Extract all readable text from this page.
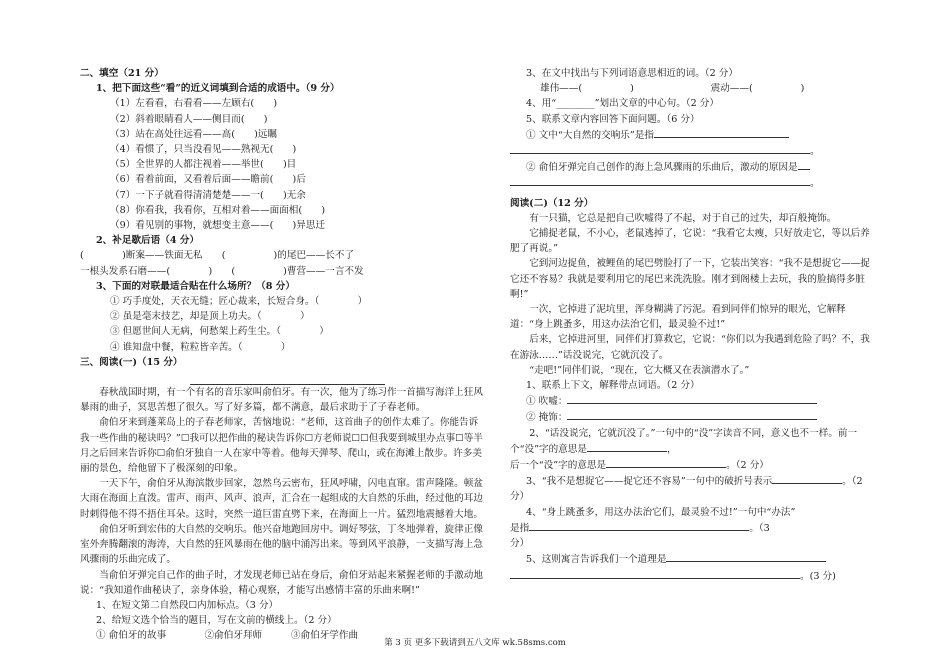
二、填空（21 分）
1、把下面这些“看”的近义词填到合适的成语中。（9 分）
（1）左看看，右看看——左顾右(　　)
（2）斜着眼睛看人——侧目而(　　)
（3）站在高处往远看——高(　　)远瞩
（4）看惯了，只当没看见——熟视无(　　)
（5）全世界的人都注视着——举世(　　)目
（6）看着前面，又看着后面——瞻前(　　)后
（7）一下子就看得清清楚楚——一(　　)无余
（8）你看我，我看你，互相对着——面面相(　　)
（9）看见别的事物，就想变主意——(　　)异思迁
2、补足歇后语（4 分）
(　　　　)断案——铁面无私　　(　　　　　)的尾巴——长不了
一根头发系石磨——(　　　　)　　(　　　　　)曹营——一言不发
3、下面的对联最适合贴在什么场所？（8 分）
① 巧手度处，天衣无缝；匠心裁来，长短合身。（　　　　）
② 虽是毫末技艺，却是顶上功夫。（　　　　）
③ 但愿世间人无病，何愁架上药生尘。（　　　　）
④ 谁知盘中餐，粒粒皆辛苦。（　　　　）
三、阅读(一)（15 分）
春秋战国时期，有一个有名的音乐家叫俞伯牙。有一次，他为了练习作一首描写海洋上狂风暴雨的曲子，冥思苦想了很久。写了好多篇，都不满意，最后求助于了子春老师。
俞伯牙来到蓬莱岛上的子春老师家，苦恼地说：“老师，这首曲子的创作太难了。你能告诉我一些作曲的秘诀吗？”☐我可以把作曲的秘诀告诉你☐方老师说☐☐但我要到城里办点事☐等半月之后回来告诉你☐俞伯牙独自一人在家中等着。他每天弹琴、爬山，或在海滩上散步。许多美丽的景色，给他留下了极深刻的印象。
一天下午，俞伯牙从海滨散步回家，忽然乌云密布，狂风呼啸，闪电直窜。雷声隆隆。顿盆大雨在海面上直泼。雷声、雨声、风声、浪声，汇合在一起组成的大自然的乐曲，经过他的耳边时刺得他不得不捂住耳朵。这时，突然一道巨雷直劈下来，在海面上一片。猛烈地震撼着大地。
俞伯牙听到宏伟的大自然的交响乐。他兴奋地跑回房中。调好琴弦，丁冬地弹着，旋律正像室外奔腾翻滚的海涛，大自然的狂风暴雨在他的脑中涌泻出来。等到风平浪静，一支描写海上急风骤雨的乐曲完成了。
当俞伯牙弹完自己作的曲子时，才发现老师已站在身后，俞伯牙站起来紧握老师的手激动地说：“我知道作曲秘诀了，亲身体验，精心观察，才能写出感情丰富的乐曲来啊!”
1、在短文第二自然段☐内加标点。（3 分）
2、给短文选个恰当的题目，写在文前的横线上。（2 分）
① 俞伯牙的故事　　　　②俞伯牙拜师　　　③俞伯牙学作曲
3、在文中找出与下列词语意思相近的词。（2 分）
雄伟——(　　　　　)　　　　　　　　震动——(　　　　　)
4、用“________”划出文章的中心句。（2 分）
5、联系文章内容回答下面问题。（6 分）
① 文中“大自然的交响乐”是指
。
② 俞伯牙弹完自己创作的海上急风骤雨的乐曲后，激动的原因是
。
阅读(二)（12 分）
有一只猫，它总是把自己吹嘘得了不起，对于自己的过失，却百般掩饰。
它捕捉老鼠，不小心，老鼠逃掉了，它说：“我看它太瘦，只好放走它，等以后养肥了再说。”
它到河边捉鱼，被鲤鱼的尾巴劈脸打了一下，它装出笑容：“我不是想捉它——捉它还不容易？我就是要利用它的尾巴来洗洗脸。刚才到阁楼上去玩，我的脸搞得多脏啊!”
一次，它掉进了泥坑里，浑身糊满了污泥。看到同伴们惊异的眼光，它解释道：“身上跳蚤多，用这办法治它们，最灵验不过!”
后来，它掉进河里，同伴们打算救它，它说：“你们以为我遇到危险了吗？不，我在游泳……”话没说完，它就沉没了。
“走吧!”同伴们说，“现在，它大概又在表演潜水了。”
1、联系上下文，解释带点词语。（2 分）
① 吹嘘：
② 掩饰：
2、“话没说完，它就沉没了。”一句中的“没”字读音不同，意义也不一样。前一个“没”字的意思是	，
后一个“没”字的意思是	。（2 分）
3、“我不是想捉它——捉它还不容易”一句中的破折号表示	。（2
分）
4、“身上跳蚤多，用这办法治它们，最灵验不过!”一句中“办法”
是指	。（3
分）
5、这则寓言告诉我们一个道理是
。(3 分)
第 3 页 更多下载请到五八文库 wk.58sms.com
